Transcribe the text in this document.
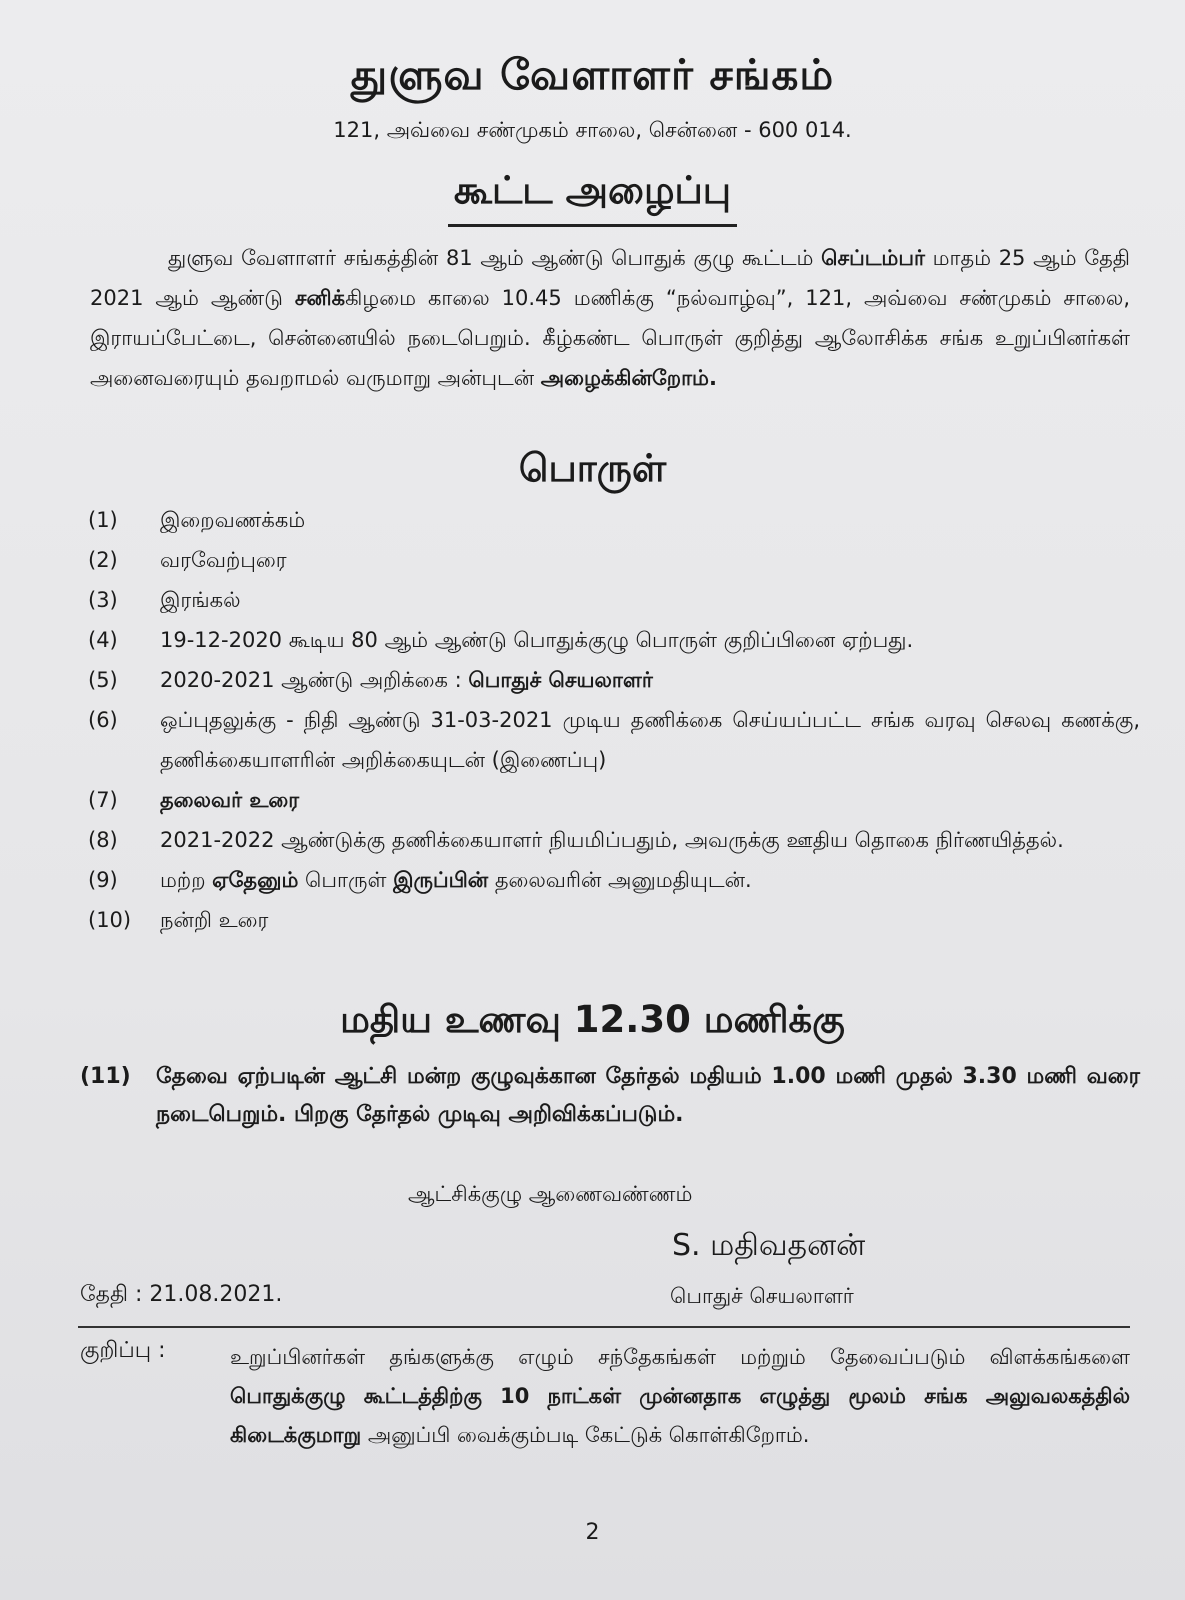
துளுவ வேளாளர் சங்கம்
121, அவ்வை சண்முகம் சாலை, சென்னை - 600 014.
கூட்ட அழைப்பு
துளுவ வேளாளர் சங்கத்தின் 81 ஆம் ஆண்டு பொதுக் குழு கூட்டம் செப்டம்பர் மாதம் 25 ஆம் தேதி 2021 ஆம் ஆண்டு சனிக்கிழமை காலை 10.45 மணிக்கு “நல்வாழ்வு”, 121, அவ்வை சண்முகம் சாலை, இராயப்பேட்டை, சென்னையில் நடைபெறும். கீழ்கண்ட பொருள் குறித்து ஆலோசிக்க சங்க உறுப்பினர்கள் அனைவரையும் தவறாமல் வருமாறு அன்புடன் அழைக்கின்றோம்.
பொருள்
(1)	இறைவணக்கம்
(2)	வரவேற்புரை
(3)	இரங்கல்
(4)	19-12-2020 கூடிய 80 ஆம் ஆண்டு பொதுக்குழு பொருள் குறிப்பினை ஏற்பது.
(5)	2020-2021 ஆண்டு அறிக்கை : பொதுச் செயலாளர்
(6)	ஒப்புதலுக்கு - நிதி ஆண்டு 31-03-2021 முடிய தணிக்கை செய்யப்பட்ட சங்க வரவு செலவு கணக்கு, தணிக்கையாளரின் அறிக்கையுடன் (இணைப்பு)
(7)	தலைவர் உரை
(8)	2021-2022 ஆண்டுக்கு தணிக்கையாளர் நியமிப்பதும், அவருக்கு ஊதிய தொகை நிர்ணயித்தல்.
(9)	மற்ற ஏதேனும் பொருள் இருப்பின் தலைவரின் அனுமதியுடன்.
(10)	நன்றி உரை
மதிய உணவு 12.30 மணிக்கு
(11) தேவை ஏற்படின் ஆட்சி மன்ற குழுவுக்கான தேர்தல் மதியம் 1.00 மணி முதல் 3.30 மணி வரை நடைபெறும். பிறகு தேர்தல் முடிவு அறிவிக்கப்படும்.
ஆட்சிக்குழு ஆணைவண்ணம்
S. மதிவதனன்
தேதி : 21.08.2021.	பொதுச் செயலாளர்
குறிப்பு :	உறுப்பினர்கள் தங்களுக்கு எழும் சந்தேகங்கள் மற்றும் தேவைப்படும் விளக்கங்களை பொதுக்குழு கூட்டத்திற்கு 10 நாட்கள் முன்னதாக எழுத்து மூலம் சங்க அலுவலகத்தில் கிடைக்குமாறு அனுப்பி வைக்கும்படி கேட்டுக் கொள்கிறோம்.
2
